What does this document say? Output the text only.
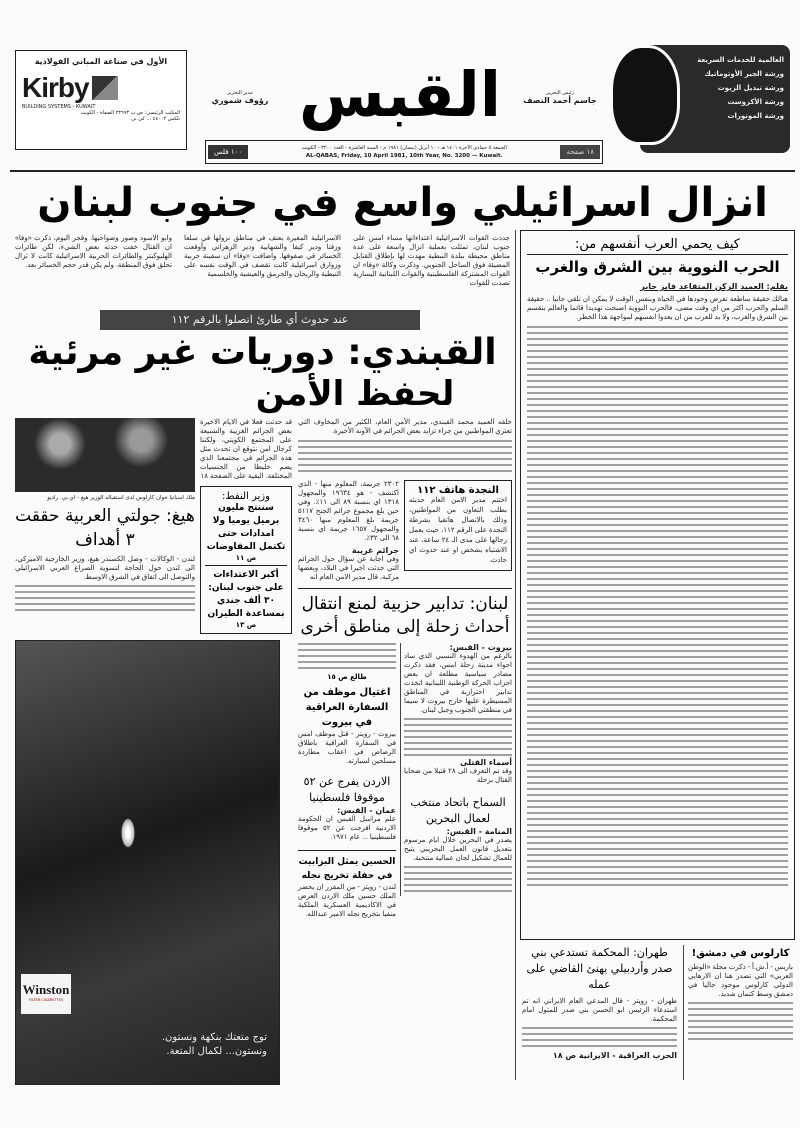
الأول في صناعة المباني الفولاذية
Kirby
BUILDING SYSTEMS - KUWAIT
المكتب الرئيسي: ص.ب ٢٣٦٩٣ الصفاة - الكويت
تلكس ٤٤٠٠٢ ... كي بي القبس	رئيس التحرير
جاسم أحمد النصف
مدير التحرير
رؤوف شموري
١٠٠ فلس	الجمعة ٥ جمادى الآخرة ١٤٠١ هـ - ١٠ أبريل (نيسان) ١٩٨١ م - السنة العاشرة - العدد ٣٢٠٠ - الكويت
AL-QABAS, Friday, 10 April 1981, 10th Year, No. 3200 — Kuwait.	١٨ صفحة
العالمية للخدمات السريعة
ورشة الجير الأوتوماتيك
ورشة تبديل الزيوت
ورشة الأكزوست
ورشة الموتورات
انزال اسرائيلي واسع في جنوب لبنان

جددت القوات الاسرائيلية اعتداءاتها مساء امس على جنوب لبنان، تمثلت بعملية انزال واسعة على عدة مناطق محيطة ببلدة النبطية مهدت لها بإطلاق القنابل المضيئة فوق الساحل الجنوبي. وذكرت وكالة «وفا» ان القوات المشتركة الفلسطينية والقوات اللبنانية اليسارية تصدت للقوات

الاسرائيلية المغيرة بعنف في مناطق نزولها في سلعا وزفتا ودير كيفا والشهابية ودير الزهراني وأوقعت الخسائر في صفوفها. واضافت «وفا» ان سفينة حربية وزوارق اسرائيلية كانت تقصف في الوقت نفسه على النبطية والريحان والجرمق والعيشية والخلسمية

وابو الاسود وصور وضواحيها. وفجر اليوم، ذكرت «وفا» ان القتال خفت حدته بعض الشيء، لكن طائرات الهليوكبتر والطائرات الحربية الاسرائيلية كانت لا تزال تحلق فوق المنطقة. ولم يكن قدر حجم الخسائر بعد.

كيف يحمي العرب أنفسهم من:
الحرب النووية بين الشرق والغرب
بقلم: العميد الركن المتقاعد فايز جابر

هنالك حقيقة ساطعة تفرض وجودها في الحياة وبنفس الوقت لا يمكن ان تلقي جانبا .. حقيقة السلم والحرب اكثر من اي وقت مضى، فالحرب النووية اصبحت تهديدا قائما والعالم ينقسم بين الشرق والغرب، ولا بد للعرب من ان يعدوا انفسهم لمواجهة هذا الخطر.

عند حدوث أي طارئ اتصلوا بالرقم ١١٢
القبندي: دوريات غير مرئية
لحفظ الأمن

قد حدثت فعلا في الايام الاخيرة بعض الجرائم الغريبة والشنيعة على المجتمع الكويتي، ولكننا كرجال امن نتوقع ان تحدث مثل هذه الجرائم في مجتمعنا الذي يضم خليطا من الجنسيات المختلفة. البقية على الصفحة ١٨

وزير النفط:
سننتج مليون برميل يوميا ولا امدادات حتى تكتمل المفاوضات
ص ١١
أكبر الاعتداءات على جنوب لبنان: ٣٠ ألف جندي بمساعدة الطيران
ص ١٣
ملك اسبانيا خوان كارلوس لدى استقباله الوزير هيغ - اي.بي. راديو
هيغ: جولتي العربية حققت ٣ أهداف

لندن - الوكالات - وصل الكسندر هيغ، وزير الخارجية الاميركي، الى لندن حول الحاجة لتسوية الصراع العربي الاسرائيلي والتوصل الى اتفاق في الشرق الاوسط.

Winston
FILTER CIGARETTES
توج متعتك بنكهة ونستون.
ونستون... لكمال المتعة.

خلفه العميد محمد القبندي، مدير الأمن العام، الكثير من المخاوف التي تعتري المواطنين من جراء تزايد بعض الجرائم في الآونة الأخيرة.

النجدة هاتف ١١٢

اختتم مدير الامن العام حديثه بطلب التعاون من المواطنين، وذلك بالاتصال هاتفيا بشرطة النجدة على الرقم ١١٢، حيث يعمل رجالها على مدى الـ ٢٤ ساعة، عند الاشتباه بشخص او عند حدوث اي حادث.

٢٣٠٢ جريمة، المعلوم منها - الذي اكتشف - هو ١٩٦٣٤ والمجهول ١٣١٨ اي بنسبة ٨٩ الى ١١٪. وفي حين بلغ مجموع جرائم الجنح ٥١١٧ جريمة بلغ المعلوم منها ٣٤٦٠ والمجهول ١٦٥٧ جريمة اي بنسبة ٦٨ الى ٣٢٪.

جرائم غريبة

وفي اجابة عن سؤال حول الجرائم التي حدثت اخيرا في البلاد، وبعضها مركبة، قال مدير الامن العام انه

لبنان: تدابير حزبية لمنع انتقال أحداث زحلة إلى مناطق أخرى
بيروت - القبس:

بالرغم من الهدوء النسبي الذي ساد اجواء مدينة زحلة امس، فقد ذكرت مصادر سياسية مطلعة ان بعض احزاب الحركة الوطنية اللبنانية اتخذت تدابير احترازية في المناطق المسيطرة عليها خارج بيروت لا سيما في منطقتي الجنوب وجبل لبنان.

أسماء القتلى

وقد تم التعرف الى ٢٨ قتيلا من ضحايا القتال بزحلة

السماح باتحاد منتخب لعمال البحرين
المنامة - القبس:

يصدر في البحرين خلال ايام مرسوم بتعديل قانون العمل البحريني يتيح للعمال تشكيل لجان عمالية منتخبة.

طالع ص ١٥
اغتيال موظف من السفارة العراقية في بيروت

بيروت - رويتر - قتل موظف امس في السفارة العراقية باطلاق الرصاص في اعقاب مطاردة مسلحين لسيارته.

الاردن يفرج عن ٥٢ موقوفا فلسطينيا
عمان - القبس:

علم مراسل القبس ان الحكومة الاردنية افرجت عن ٥٢ موقوفا فلسطينيا ... عام ١٩٧١.

الحسين يمثل البزابيت في حفلة تخريج نجله

لندن - رويتر - من المقرر ان يحضر الملك حسين ملك الاردن العرض في الاكاديمية العسكرية الملكية منفيا بتخريج نجله الامير عبدالله.

طهران: المحكمة تستدعي بني صدر وأردبيلي يهنئ القاضي على عمله

طهران - رويتر - قال المدعي العام الايراني انه تم استدعاء الرئيس ابو الحسن بني صدر للمثول امام المحكمة.

الحرب العراقية - الايرانية ص ١٨
كارلوس في دمشق!

باريس - أ.ش.أ - ذكرت مجلة «الوطن العربي» التي تصدر هنا ان الارهابي الدولي كارلوس موجود حاليا في دمشق وسط كتمان شديد.
